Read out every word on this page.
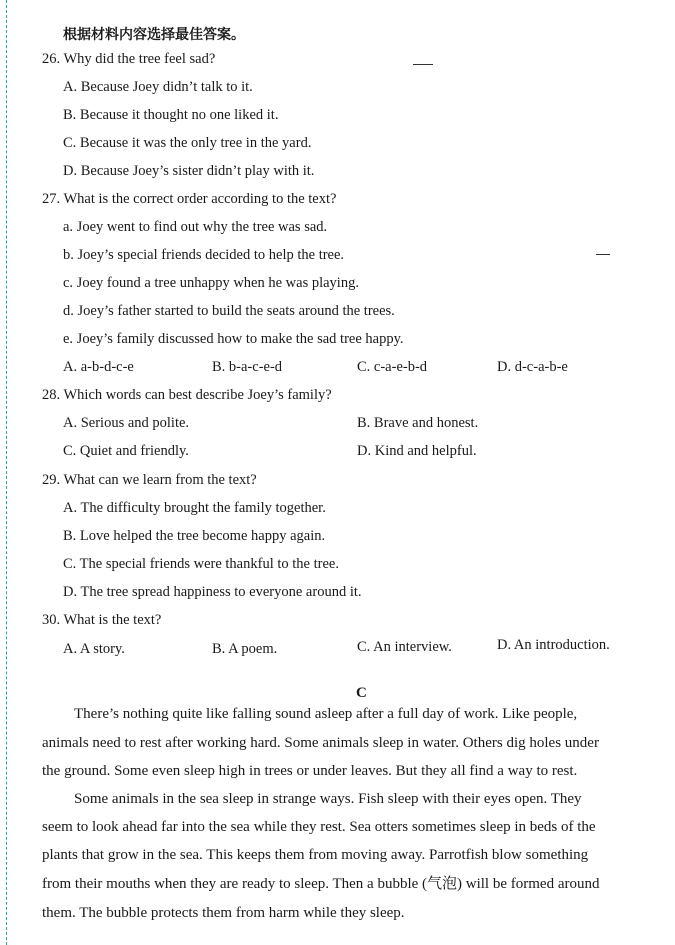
根据材料内容选择最佳答案。
26. Why did the tree feel sad?
A. Because Joey didn’t talk to it.
B. Because it thought no one liked it.
C. Because it was the only tree in the yard.
D. Because Joey’s sister didn’t play with it.
27. What is the correct order according to the text?
a. Joey went to find out why the tree was sad.
b. Joey’s special friends decided to help the tree.
c. Joey found a tree unhappy when he was playing.
d. Joey’s father started to build the seats around the trees.
e. Joey’s family discussed how to make the sad tree happy.
A. a-b-d-c-e	B. b-a-c-e-d	C. c-a-e-b-d	D. d-c-a-b-e
28. Which words can best describe Joey’s family?
A. Serious and polite.	B. Brave and honest.
C. Quiet and friendly.	D. Kind and helpful.
29. What can we learn from the text?
A. The difficulty brought the family together.
B. Love helped the tree become happy again.
C. The special friends were thankful to the tree.
D. The tree spread happiness to everyone around it.
30. What is the text?
A. A story.	B. A poem.	C. An interview.	D. An introduction.
C
There’s nothing quite like falling sound asleep after a full day of work. Like people,
animals need to rest after working hard. Some animals sleep in water. Others dig holes under
the ground. Some even sleep high in trees or under leaves. But they all find a way to rest.
Some animals in the sea sleep in strange ways. Fish sleep with their eyes open. They
seem to look ahead far into the sea while they rest. Sea otters sometimes sleep in beds of the
plants that grow in the sea. This keeps them from moving away. Parrotfish blow something
from their mouths when they are ready to sleep. Then a bubble (气泡) will be formed around
them. The bubble protects them from harm while they sleep.
